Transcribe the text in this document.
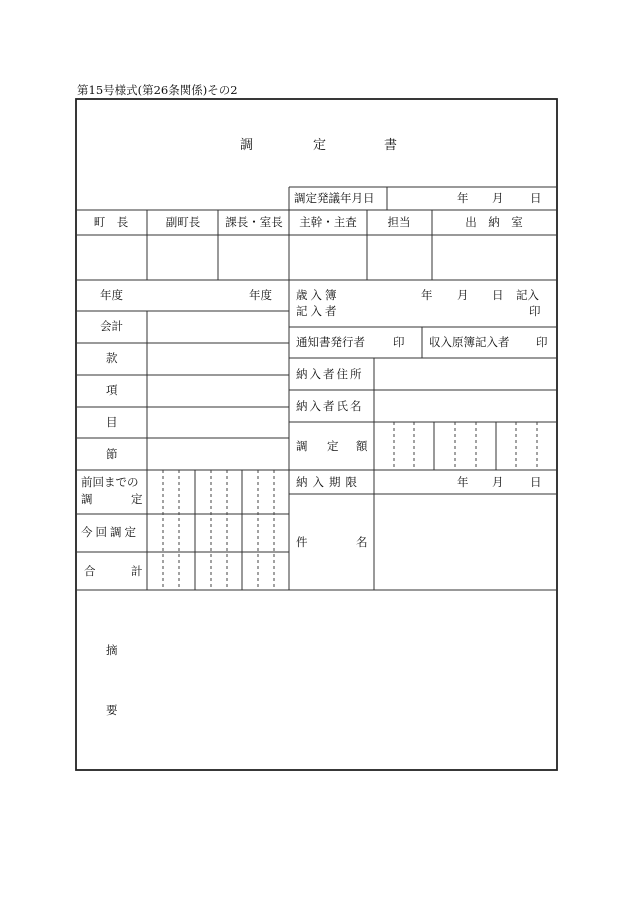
第15号様式(第26条関係)その2
調	定	書
調定発議年月日	年 月 日
町　長	副町長 課長・室長 主幹・主査	担当	出　納　室
年度	年度
会計
款
項
目
節
前回までの
調	定
今回調定
合	計
歳入簿	年 月 日 記入
記入者	印
通知書発行者 印 収入原簿記入者 印
納入者住所
納入者氏名
調 定 額
納入期限	年 月 日
件	名
摘
要
